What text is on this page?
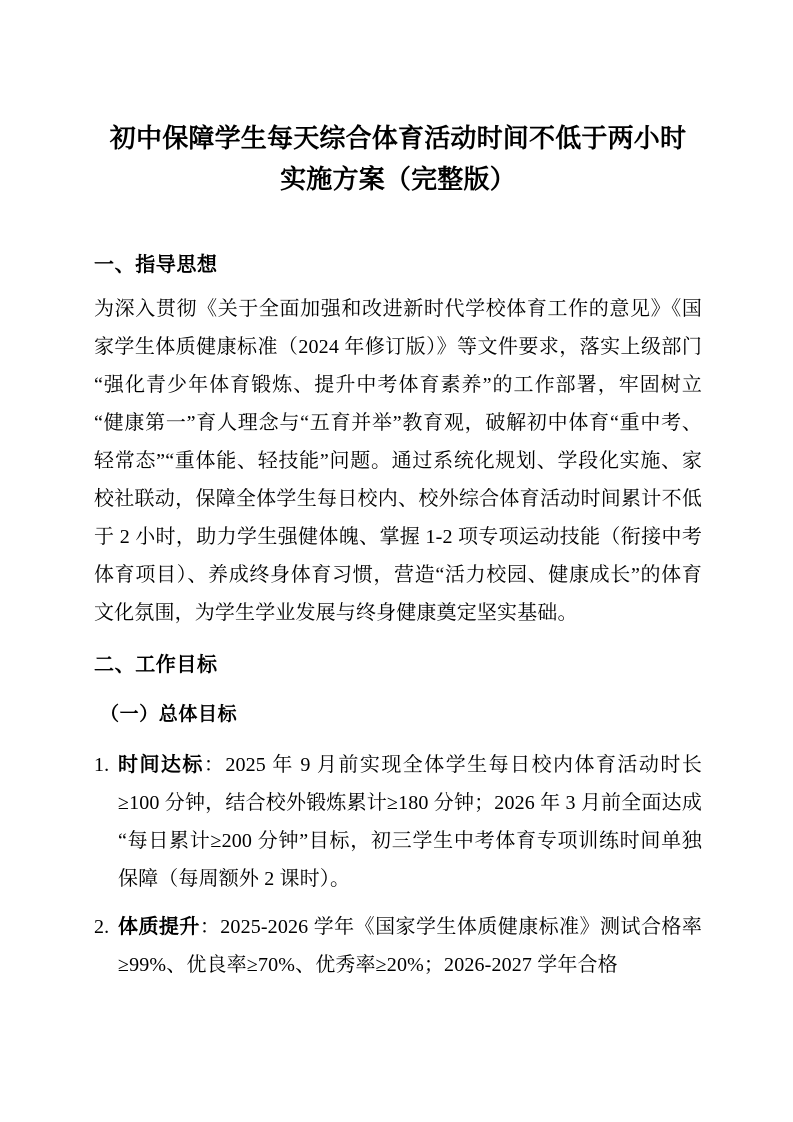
初中保障学生每天综合体育活动时间不低于两小时
实施方案（完整版）
一、指导思想

为深入贯彻《关于全面加强和改进新时代学校体育工作的意见》《国家学生体质健康标准（2024 年修订版）》等文件要求，落实上级部门“强化青少年体育锻炼、提升中考体育素养”的工作部署，牢固树立“健康第一”育人理念与“五育并举”教育观，破解初中体育“重中考、轻常态”“重体能、轻技能”问题。通过系统化规划、学段化实施、家校社联动，保障全体学生每日校内、校外综合体育活动时间累计不低于 2 小时，助力学生强健体魄、掌握 1-2 项专项运动技能（衔接中考体育项目）、养成终身体育习惯，营造“活力校园、健康成长”的体育文化氛围，为学生学业发展与终身健康奠定坚实基础。

二、工作目标
（一）总体目标
1. 时间达标：2025 年 9 月前实现全体学生每日校内体育活动时长≥100 分钟，结合校外锻炼累计≥180 分钟；2026 年 3 月前全面达成“每日累计≥200 分钟”目标，初三学生中考体育专项训练时间单独保障（每周额外 2 课时）。
2. 体质提升：2025-2026 学年《国家学生体质健康标准》测试合格率≥99%、优良率≥70%、优秀率≥20%；2026-2027 学年合格
